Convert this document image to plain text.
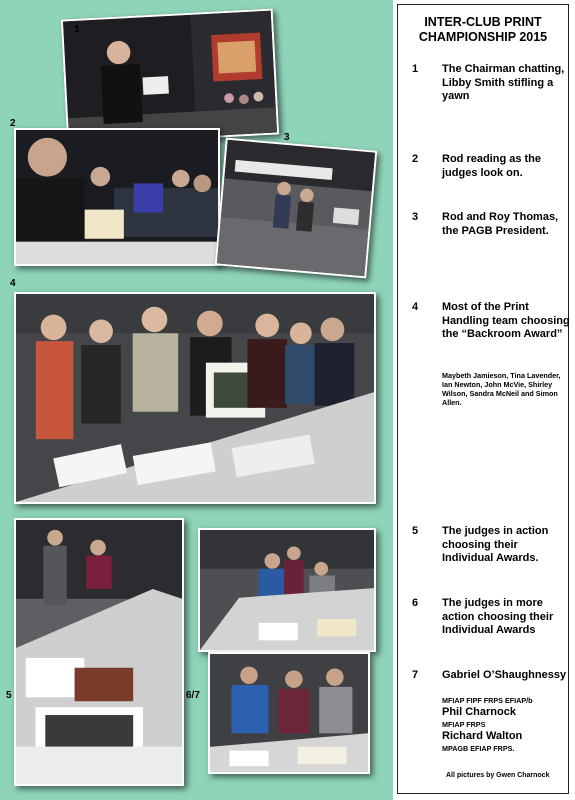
1
2
3
4
5	6/7
INTER-CLUB PRINT
CHAMPIONSHIP 2015
1 The Chairman chatting, Libby Smith stifling a yawn
2 Rod reading as the judges look on.
3 Rod and Roy Thomas, the PAGB President.
4 Most of the Print Handling team choosing the “Backroom Award”
Maybeth Jamieson, Tina Lavender, Ian Newton, John McVie, Shirley Wilson, Sandra McNeil and Simon Allen.
5 The judges in action choosing their Individual Awards.
6 The judges in more action choosing their Individual Awards
7 Gabriel O’Shaughnessy
MFIAP FIPF FRPS EFIAP/b
Phil Charnock
MFIAP FRPS
Richard Walton
MPAGB EFIAP FRPS.
All pictures by Gwen Charnock
